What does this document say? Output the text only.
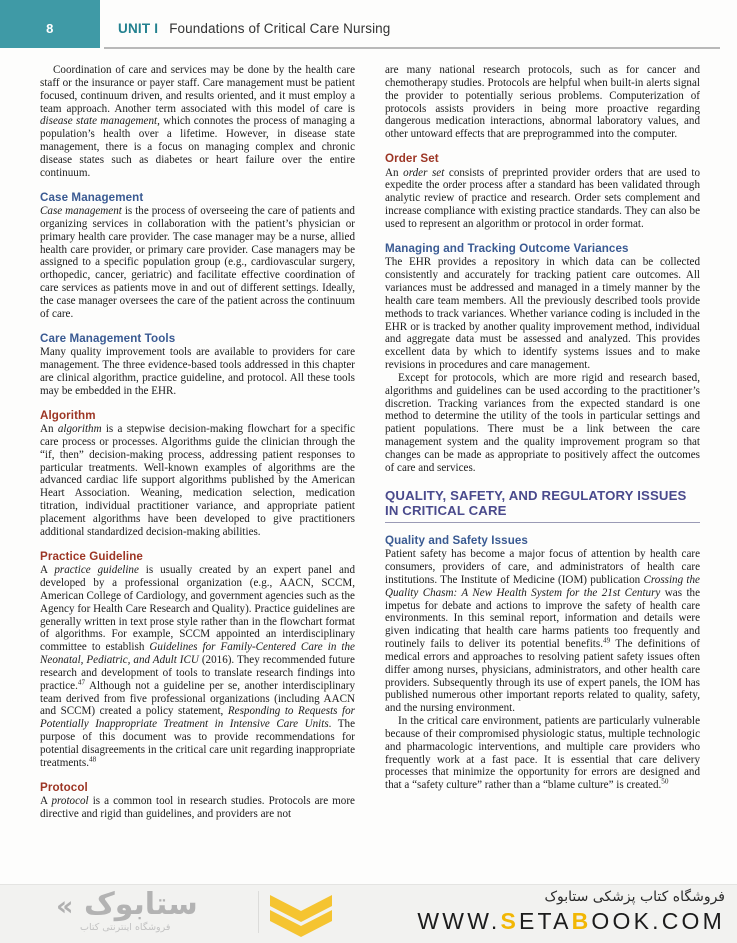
8	UNIT I Foundations of Critical Care Nursing

Coordination of care and services may be done by the health care staff or the insurance or payer staff. Care management must be patient focused, continuum driven, and results oriented, and it must employ a team approach. Another term associated with this model of care is disease state management, which connotes the process of managing a population’s health over a lifetime. However, in disease state management, there is a focus on managing complex and chronic disease states such as diabetes or heart failure over the entire continuum.

Case Management

Case management is the process of overseeing the care of patients and organizing services in collaboration with the patient’s physician or primary health care provider. The case manager may be a nurse, allied health care provider, or primary care provider. Case managers may be assigned to a specific population group (e.g., cardiovascular surgery, orthopedic, cancer, geriatric) and facilitate effective coordination of care services as patients move in and out of different settings. Ideally, the case manager oversees the care of the patient across the continuum of care.

Care Management Tools

Many quality improvement tools are available to providers for care management. The three evidence-based tools addressed in this chapter are clinical algorithm, practice guideline, and protocol. All these tools may be embedded in the EHR.

Algorithm

An algorithm is a stepwise decision-making flowchart for a specific care process or processes. Algorithms guide the clinician through the “if, then” decision-making process, addressing patient responses to particular treatments. Well-known examples of algorithms are the advanced cardiac life support algorithms published by the American Heart Association. Weaning, medication selection, medication titration, individual practitioner variance, and appropriate patient placement algorithms have been developed to give practitioners additional standardized decision-making abilities.

Practice Guideline

A practice guideline is usually created by an expert panel and developed by a professional organization (e.g., AACN, SCCM, American College of Cardiology, and government agencies such as the Agency for Health Care Research and Quality). Practice guidelines are generally written in text prose style rather than in the flowchart format of algorithms. For example, SCCM appointed an interdisciplinary committee to establish Guidelines for Family-Centered Care in the Neonatal, Pediatric, and Adult ICU (2016). They recommended future research and development of tools to translate research findings into practice.$^{47}$ Although not a guideline per se, another interdisciplinary team derived from five professional organizations (including AACN and SCCM) created a policy statement, Responding to Requests for Potentially Inappropriate Treatment in Intensive Care Units. The purpose of this document was to provide recommendations for potential disagreements in the critical care unit regarding inappropriate treatments.$^{48}$

Protocol

A protocol is a common tool in research studies. Protocols are more directive and rigid than guidelines, and providers are not

are many national research protocols, such as for cancer and chemotherapy studies. Protocols are helpful when built-in alerts signal the provider to potentially serious problems. Computerization of protocols assists providers in being more proactive regarding dangerous medication interactions, abnormal laboratory values, and other untoward effects that are preprogrammed into the computer.

Order Set

An order set consists of preprinted provider orders that are used to expedite the order process after a standard has been validated through analytic review of practice and research. Order sets complement and increase compliance with existing practice standards. They can also be used to represent an algorithm or protocol in order format.

Managing and Tracking Outcome Variances

The EHR provides a repository in which data can be collected consistently and accurately for tracking patient care outcomes. All variances must be addressed and managed in a timely manner by the health care team members. All the previously described tools provide methods to track variances. Whether variance coding is included in the EHR or is tracked by another quality improvement method, individual and aggregate data must be assessed and analyzed. This provides excellent data by which to identify systems issues and to make revisions in procedures and care management.

Except for protocols, which are more rigid and research based, algorithms and guidelines can be used according to the practitioner’s discretion. Tracking variances from the expected standard is one method to determine the utility of the tools in particular settings and patient populations. There must be a link between the care management system and the quality improvement program so that changes can be made as appropriate to positively affect the outcomes of care and services.

QUALITY, SAFETY, AND REGULATORY ISSUES IN CRITICAL CARE
Quality and Safety Issues

Patient safety has become a major focus of attention by health care consumers, providers of care, and administrators of health care institutions. The Institute of Medicine (IOM) publication Crossing the Quality Chasm: A New Health System for the 21st Century was the impetus for debate and actions to improve the safety of health care environments. In this seminal report, information and details were given indicating that health care harms patients too frequently and routinely fails to deliver its potential benefits.$^{49}$ The definitions of medical errors and approaches to resolving patient safety issues often differ among nurses, physicians, administrators, and other health care providers. Subsequently through its use of expert panels, the IOM has published numerous other important reports related to quality, safety, and the nursing environment.

In the critical care environment, patients are particularly vulnerable because of their compromised physiologic status, multiple technologic and pharmacologic interventions, and multiple care providers who frequently work at a fast pace. It is essential that care delivery processes that minimize the opportunity for errors are designed and that a “safety culture” rather than a “blame culture” is created.$^{50}$

« ستابوک
فروشگاه اینترنتی کتاب
فروشگاه کتاب پزشکی ستابوک
WWW.SETABOOK.COM
